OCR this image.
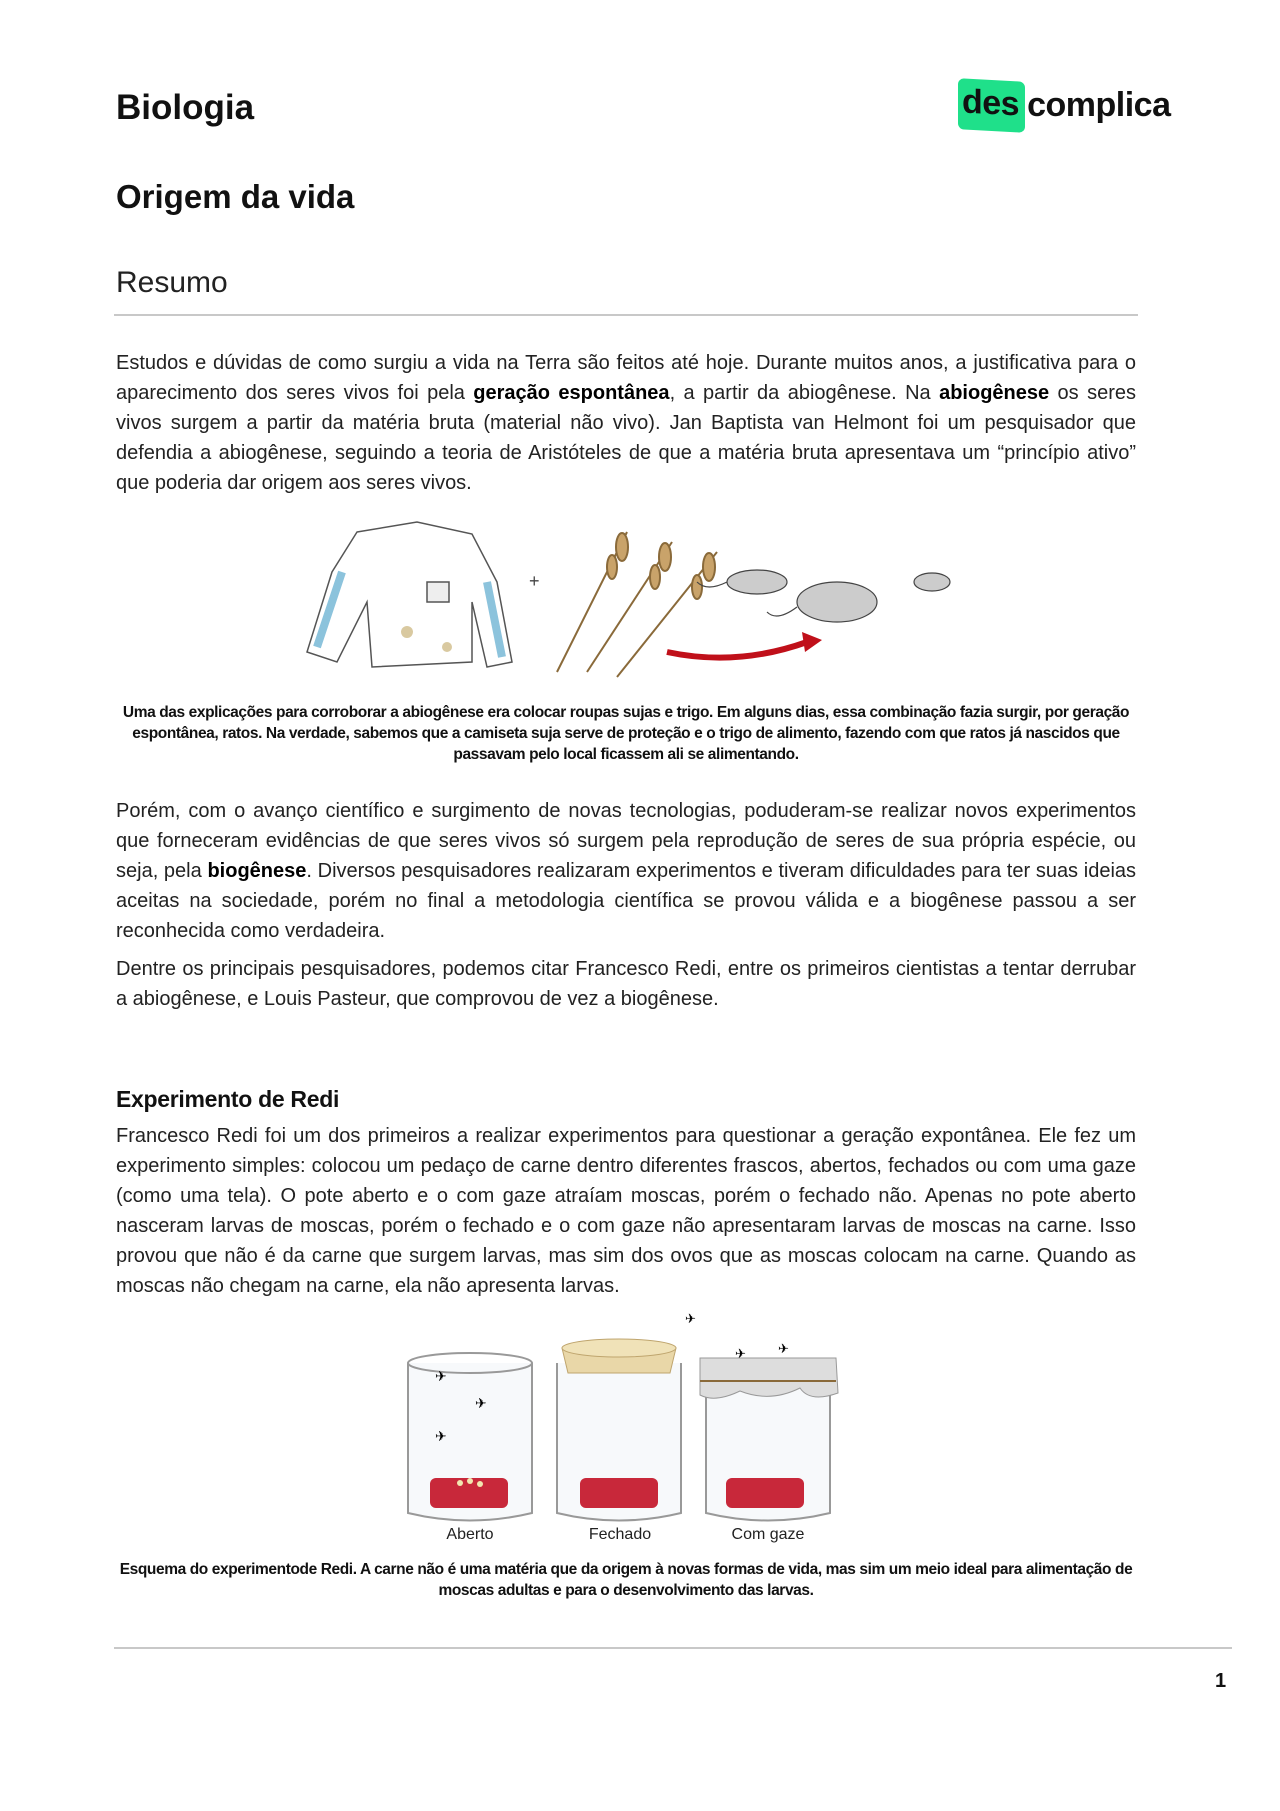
Biologia	des complica
Origem da vida
Resumo

Estudos e dúvidas de como surgiu a vida na Terra são feitos até hoje. Durante muitos anos, a justificativa para o aparecimento dos seres vivos foi pela geração espontânea, a partir da abiogênese. Na abiogênese os seres vivos surgem a partir da matéria bruta (material não vivo). Jan Baptista van Helmont foi um pesquisador que defendia a abiogênese, seguindo a teoria de Aristóteles de que a matéria bruta apresentava um “princípio ativo” que poderia dar origem aos seres vivos.

+
Uma das explicações para corroborar a abiogênese era colocar roupas sujas e trigo. Em alguns dias, essa combinação fazia surgir, por geração espontânea, ratos. Na verdade, sabemos que a camiseta suja serve de proteção e o trigo de alimento, fazendo com que ratos já nascidos que passavam pelo local ficassem ali se alimentando.

Porém, com o avanço científico e surgimento de novas tecnologias, poduderam-se realizar novos experimentos que forneceram evidências de que seres vivos só surgem pela reprodução de seres de sua própria espécie, ou seja, pela biogênese. Diversos pesquisadores realizaram experimentos e tiveram dificuldades para ter suas ideias aceitas na sociedade, porém no final a metodologia científica se provou válida e a biogênese passou a ser reconhecida como verdadeira.

Dentre os principais pesquisadores, podemos citar Francesco Redi, entre os primeiros cientistas a tentar derrubar a abiogênese, e Louis Pasteur, que comprovou de vez a biogênese.

Experimento de Redi

Francesco Redi foi um dos primeiros a realizar experimentos para questionar a geração expontânea. Ele fez um experimento simples: colocou um pedaço de carne dentro diferentes frascos, abertos, fechados ou com uma gaze (como uma tela). O pote aberto e o com gaze atraíam moscas, porém o fechado não. Apenas no pote aberto nasceram larvas de moscas, porém o fechado e o com gaze não apresentaram larvas de moscas na carne. Isso provou que não é da carne que surgem larvas, mas sim dos ovos que as moscas colocam na carne. Quando as moscas não chegam na carne, ela não apresenta larvas.

✈
✈
✈
✈ ✈
✈
Aberto	Fechado	Com gaze
Esquema do experimentode Redi. A carne não é uma matéria que da origem à novas formas de vida, mas sim um meio ideal para alimentação de moscas adultas e para o desenvolvimento das larvas.
1
